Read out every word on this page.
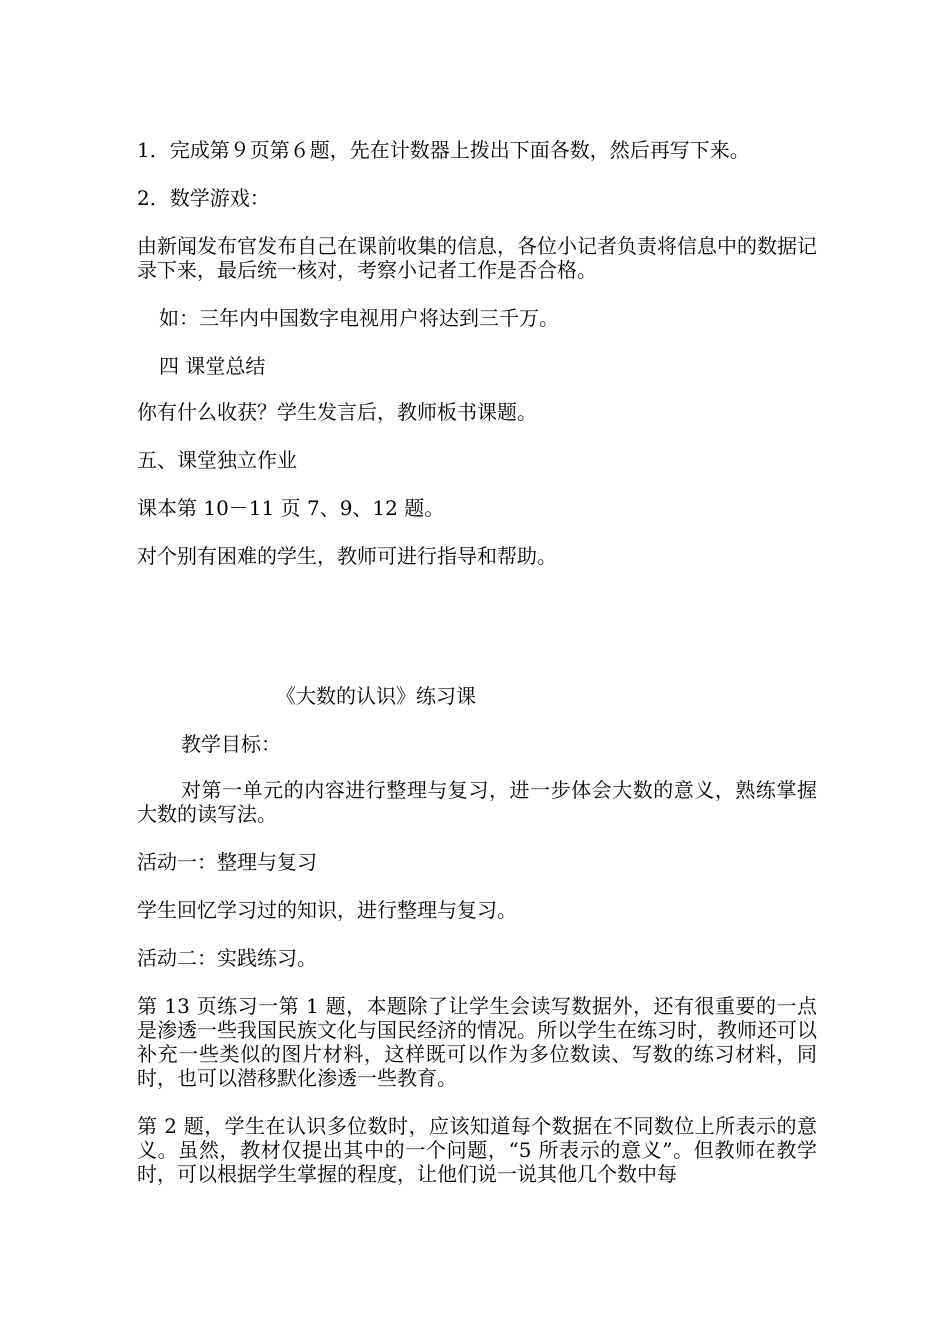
1．完成第９页第６题，先在计数器上拨出下面各数，然后再写下来。

2．数学游戏：

由新闻发布官发布自己在课前收集的信息，各位小记者负责将信息中的数据记录下来，最后统一核对，考察小记者工作是否合格。

如：三年内中国数字电视用户将达到三千万。

四 课堂总结

你有什么收获？学生发言后，教师板书课题。

五、课堂独立作业

课本第 10－11 页 7、9、12 题。

对个别有困难的学生，教师可进行指导和帮助。

《大数的认识》练习课

教学目标：

对第一单元的内容进行整理与复习，进一步体会大数的意义，熟练掌握大数的读写法。

活动一：整理与复习

学生回忆学习过的知识，进行整理与复习。

活动二：实践练习。

第 13 页练习一第 1 题，本题除了让学生会读写数据外，还有很重要的一点是渗透一些我国民族文化与国民经济的情况。所以学生在练习时，教师还可以补充一些类似的图片材料，这样既可以作为多位数读、写数的练习材料，同时，也可以潜移默化渗透一些教育。

第 2 题，学生在认识多位数时，应该知道每个数据在不同数位上所表示的意义。虽然，教材仅提出其中的一个问题，“5 所表示的意义”。但教师在教学时，可以根据学生掌握的程度，让他们说一说其他几个数中每
